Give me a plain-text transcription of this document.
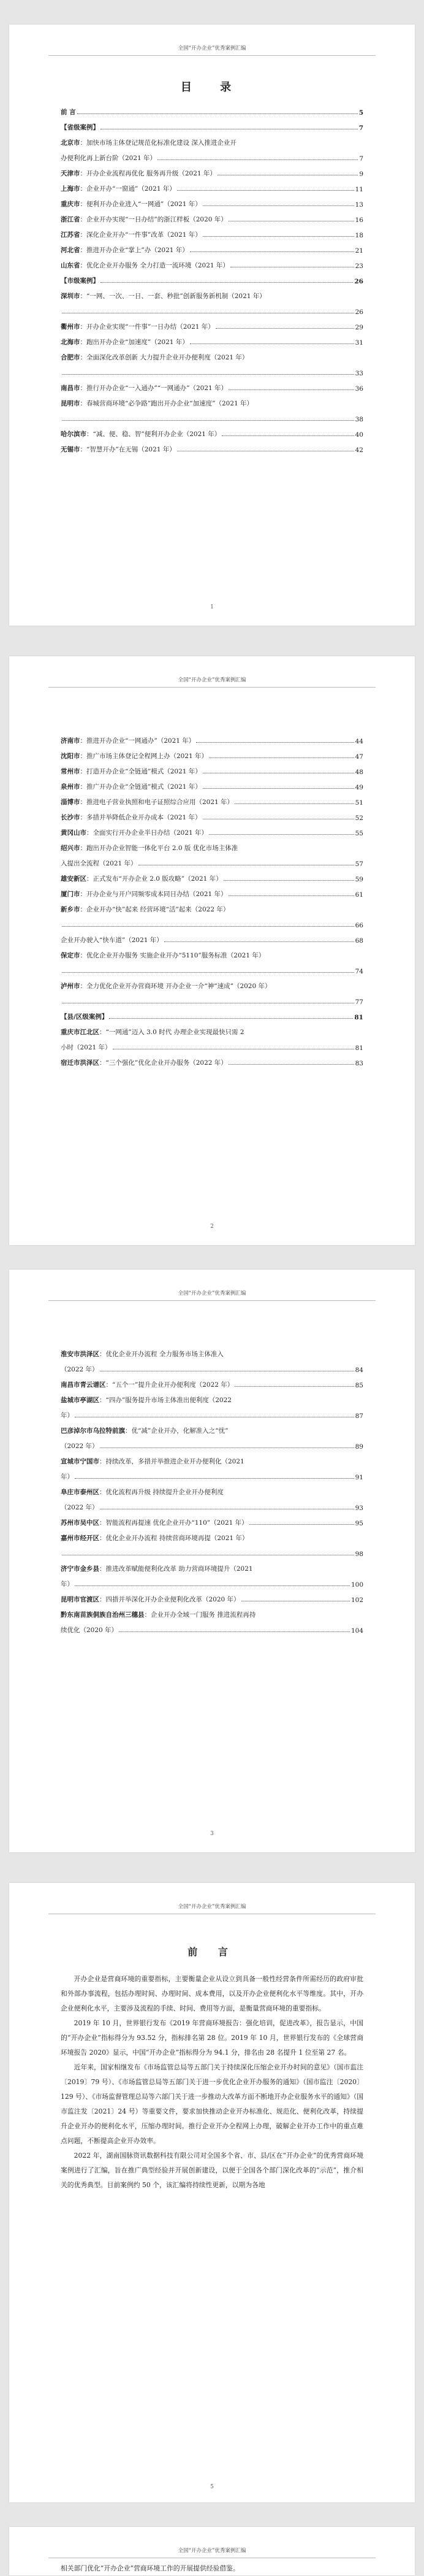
全国“开办企业”优秀案例汇编
目 录
前 言	5
【省级案例】	7
北京市：加快市场主体登记规范化标准化建设 深入推进企业开
办便利化再上新台阶（2021 年）	7
天津市：开办企业流程再优化 服务再升级（2021 年）	9
上海市：企业开办“一窗通”（2021 年）	11
重庆市：便利开办企业进入“一网通”（2021 年）	13
浙江省：企业开办实现“一日办结”的浙江样板（2020 年）	16
江苏省：深化企业开办“一件事”改革（2021 年）	18
河北省：推进开办企业“掌上”办（2021 年）	21
山东省：优化企业开办服务 全力打造一流环境（2021 年）	23
【市级案例】	26
深圳市：“一网、一次、一日、一套、秒批”创新服务新机制（2021 年）
26
衢州市：开办企业实现“一件事”一日办结（2021 年）	29
北海市：跑出开办企业“加速度”（2021 年）	31
合肥市：全面深化改革创新 大力提升企业开办便利度（2021 年）
33
南昌市：推行开办企业“一入通办”“一网通办”（2021 年）	36
昆明市：春城营商环境“必争路”跑出开办企业“加速度”（2021 年）
38
哈尔滨市：“减、便、稳、智”便利开办企业（2021 年）	40
无锡市：“智慧开办”在无锡（2021 年）	42
1
全国“开办企业”优秀案例汇编
济南市：推进开办企业“一网通办”（2021 年）	44
沈阳市：推广市场主体登记全程网上办（2021 年）	47
常州市：打造开办企业“全链通”模式（2021 年）	48
泉州市：推广开办企业“全链通”模式（2021 年）	49
淄博市：推进电子营业执照和电子证照综合应用（2021 年）	51
长沙市：多措并举降低企业开办成本（2021 年）	52
黄冈山市：全面实行开办企业半日办结（2021 年）	55
绍兴市：跑出开办企业智能一体化平台 2.0 版 优化市场主体准
入提出全流程（2021 年）	57
雄安新区：正式发布“开办企业 2.0 版攻略”（2021 年）	59
厦门市：开办企业与开户同频零成本同日办结（2021 年）	61
新乡市：企业开办“快”起来 经营环境“活”起来（2022 年）
66
企业开办驶入“快车道”（2021 年）	68
保定市：优化企业开办服务 实施企业开办“5110”服务标准（2021 年）
74
泸州市：全力优化企业开办营商环境 开办企业一介“神”速成”（2020 年）
77
【县/区级案例】	81
重庆市江北区：“一网通”迈入 3.0 时代 办理企业实现最快只需 2
小时（2021 年）	81
宿迁市洪泽区：“三个强化”优化企业开办服务（2022 年）	83
2
全国“开办企业”优秀案例汇编
淮安市洪泽区：优化企业开办流程 全力服务市场主体准入
（2022 年）	84
南昌市青云谱区：“五个一”提升企业开办便利度（2022 年）	85
盐城市亭湖区：“四办”服务提升市场主体准出便利度（2022
年）	87
巴彦淖尔市乌拉特前旗：优“减”企业开办，化解准入之“忧”
（2022 年）	89
宣城市宁国市：持续改革，多措并举推进企业开办便利化（2021
年）	91
阜庄市泰州区：优化流程再升级 持续提升企业开办便利度
（2022 年）	93
苏州市吴中区：智能流程再提速 优化企业开办“110”（2021 年）	95
嘉州市经开区：优化企业开办流程 持续营商环境再提（2021 年）
98
济宁市金乡县：推进改革赋能便利化改革 助力营商环境提升（2021
年）	100
昆明市官渡区：四措并举深化开办企业便利化改革（2020 年）	102
黔东南苗族侗族自治州三穗县：企业开办全域一门服务 推进流程再持
续优化（2020 年）	104
3
全国“开办企业”优秀案例汇编
前 言

开办企业是营商环境的重要指标，主要衡量企业从设立到具备一般性经营条件所需经历的政府审批和外部办事流程，包括办理时间、办理时间、成本费用，以及开办企业便利化水平等维度。其中，开办企业便利化水平，主要涉及流程的手续、时间、费用等方面，是衡量营商环境的重要指标。

2019 年 10 月，世界银行发布《2019 年营商环境报告：强化培训，促进改革》，报告显示，中国的“开办企业”指标得分为 93.52 分，指标排名第 28 位。2019 年 10 月，世界银行发布的《全球营商环境报告 2020》显示，中国“开办企业”指标得分为 94.1 分，排名由 28 名提升 1 位至第 27 名。

近年来，国家相继发布《市场监管总局等五部门关于持续深化压缩企业开办时间的意见》（国市监注〔2019〕79 号）、《市场监管总局等五部门关于进一步优化企业开办服务的通知》（国市监注〔2020〕129 号）、《市场监督管理总局等六部门关于进一步推动大改革方面不断地开办企业服务水平的通知》（国市监注发〔2021〕24 号）等重要文件，要求加快推动企业开办标准化、规范化、便利化改革，持续提升企业开办的便利化水平，压缩办理时间。推行企业开办全程网上办理，破解企业开办工作中的重点难点问题，不断提高企业开办效率。

2022 年，湖南国脉资讯数据科技有限公司对全国多个省、市、县/区在“开办企业”的优秀营商环境案例进行了汇编，旨在推广典型经验并开展创新建设，以便于全国各个部门深化改革的“示范”，推介相关的优秀典型。目前案例约 50 个，该汇编将持续性更新，以期为各地

5
全国“开办企业”优秀案例汇编
相关部门优化“开办企业”营商环境工作的开展提供经验借鉴。
